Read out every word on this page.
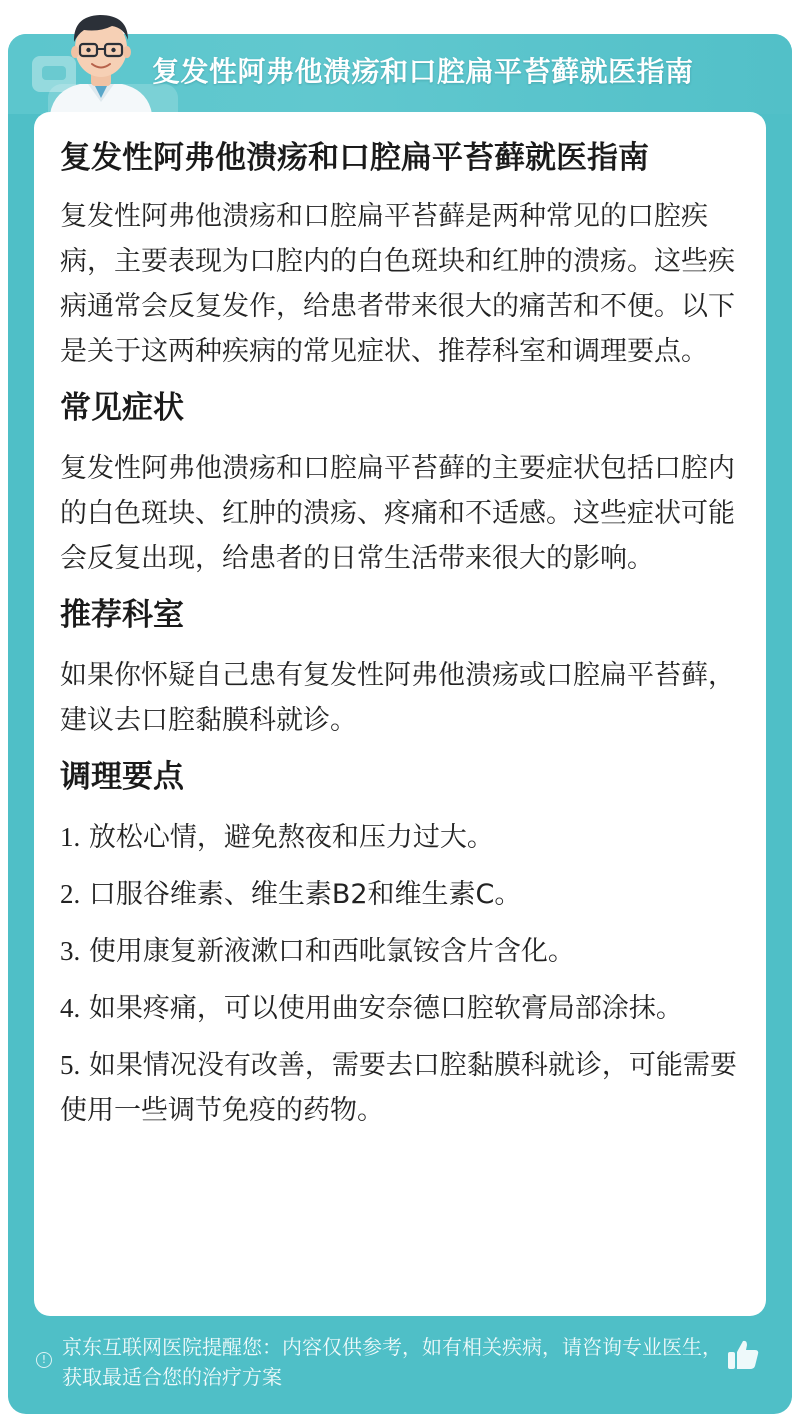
复发性阿弗他溃疡和口腔扁平苔藓就医指南
复发性阿弗他溃疡和口腔扁平苔藓就医指南

复发性阿弗他溃疡和口腔扁平苔藓是两种常见的口腔疾病，主要表现为口腔内的白色斑块和红肿的溃疡。这些疾病通常会反复发作，给患者带来很大的痛苦和不便。以下是关于这两种疾病的常见症状、推荐科室和调理要点。

常见症状

复发性阿弗他溃疡和口腔扁平苔藓的主要症状包括口腔内的白色斑块、红肿的溃疡、疼痛和不适感。这些症状可能会反复出现，给患者的日常生活带来很大的影响。

推荐科室

如果你怀疑自己患有复发性阿弗他溃疡或口腔扁平苔藓，建议去口腔黏膜科就诊。

调理要点
1. 放松心情，避免熬夜和压力过大。
2. 口服谷维素、维生素B2和维生素C。
3. 使用康复新液漱口和西吡氯铵含片含化。
4. 如果疼痛，可以使用曲安奈德口腔软膏局部涂抹。
5. 如果情况没有改善，需要去口腔黏膜科就诊，可能需要使用一些调节免疫的药物。
!
京东互联网医院提醒您：内容仅供参考，如有相关疾病，请咨询专业医生，获取最适合您的治疗方案
